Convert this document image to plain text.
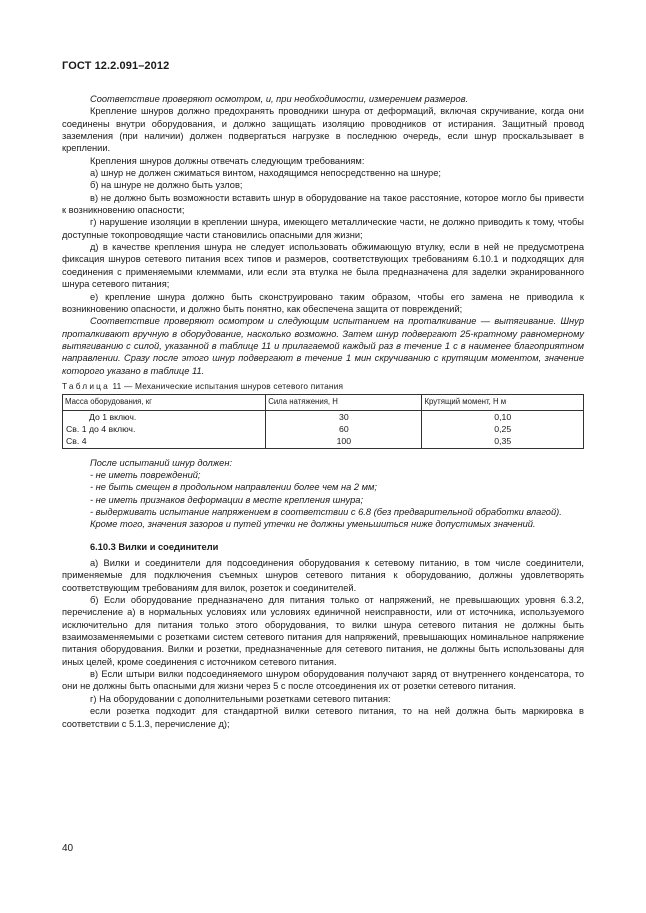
ГОСТ 12.2.091–2012

Соответствие проверяют осмотром, и, при необходимости, измерением размеров.

Крепление шнуров должно предохранять проводники шнура от деформаций, включая скручивание, когда они соединены внутри оборудования, и должно защищать изоляцию проводников от истирания. Защитный провод заземления (при наличии) должен подвергаться нагрузке в последнюю очередь, если шнур проскальзывает в креплении.

Крепления шнуров должны отвечать следующим требованиям:

а) шнур не должен сжиматься винтом, находящимся непосредственно на шнуре;

б) на шнуре не должно быть узлов;

в) не должно быть возможности вставить шнур в оборудование на такое расстояние, которое могло бы привести к возникновению опасности;

г) нарушение изоляции в креплении шнура, имеющего металлические части, не должно приводить к тому, чтобы доступные токопроводящие части становились опасными для жизни;

д) в качестве крепления шнура не следует использовать обжимающую втулку, если в ней не предусмотрена фиксация шнуров сетевого питания всех типов и размеров, соответствующих требованиям 6.10.1 и подходящих для соединения с применяемыми клеммами, или если эта втулка не была предназначена для заделки экранированного шнура сетевого питания;

е) крепление шнура должно быть сконструировано таким образом, чтобы его замена не приводила к возникновению опасности, и должно быть понятно, как обеспечена защита от повреждений;

Соответствие проверяют осмотром и следующим испытанием на проталкивание — вытягивание. Шнур проталкивают вручную в оборудование, насколько возможно. Затем шнур подвергают 25-кратному равномерному вытягиванию с силой, указанной в таблице 11 и прилагаемой каждый раз в течение 1 с в наименее благоприятном направлении. Сразу после этого шнур подвергают в течение 1 мин скручиванию с крутящим моментом, значение которого указано в таблице 11.

Таблица 11 — Механические испытания шнуров сетевого питания
Масса оборудования, кг	Сила натяжения, Н	Крутящий момент, Н м
До 1 включ.	30	0,10
Св. 1 до 4 включ.	60	0,25
Св. 4	100	0,35

После испытаний шнур должен:

- не иметь повреждений;

- не быть смещен в продольном направлении более чем на 2 мм;

- не иметь признаков деформации в месте крепления шнура;

- выдерживать испытание напряжением в соответствии с 6.8 (без предварительной обработки влагой).

Кроме того, значения зазоров и путей утечки не должны уменьшиться ниже допустимых значений.

6.10.3 Вилки и соединители

а) Вилки и соединители для подсоединения оборудования к сетевому питанию, в том числе соединители, применяемые для подключения съемных шнуров сетевого питания к оборудованию, должны удовлетворять соответствующим требованиям для вилок, розеток и соединителей.

б) Если оборудование предназначено для питания только от напряжений, не превышающих уровня 6.3.2, перечисление а) в нормальных условиях или условиях единичной неисправности, или от источника, используемого исключительно для питания только этого оборудования, то вилки шнура сетевого питания не должны быть взаимозаменяемыми с розетками систем сетевого питания для напряжений, превышающих номинальное напряжение питания оборудования. Вилки и розетки, предназначенные для сетевого питания, не должны быть использованы для иных целей, кроме соединения с источником сетевого питания.

в) Если штыри вилки подсоединяемого шнуром оборудования получают заряд от внутреннего конденсатора, то они не должны быть опасными для жизни через 5 с после отсоединения их от розетки сетевого питания.

г) На оборудовании с дополнительными розетками сетевого питания:

если розетка подходит для стандартной вилки сетевого питания, то на ней должна быть маркировка в соответствии с 5.1.3, перечисление д);

40
